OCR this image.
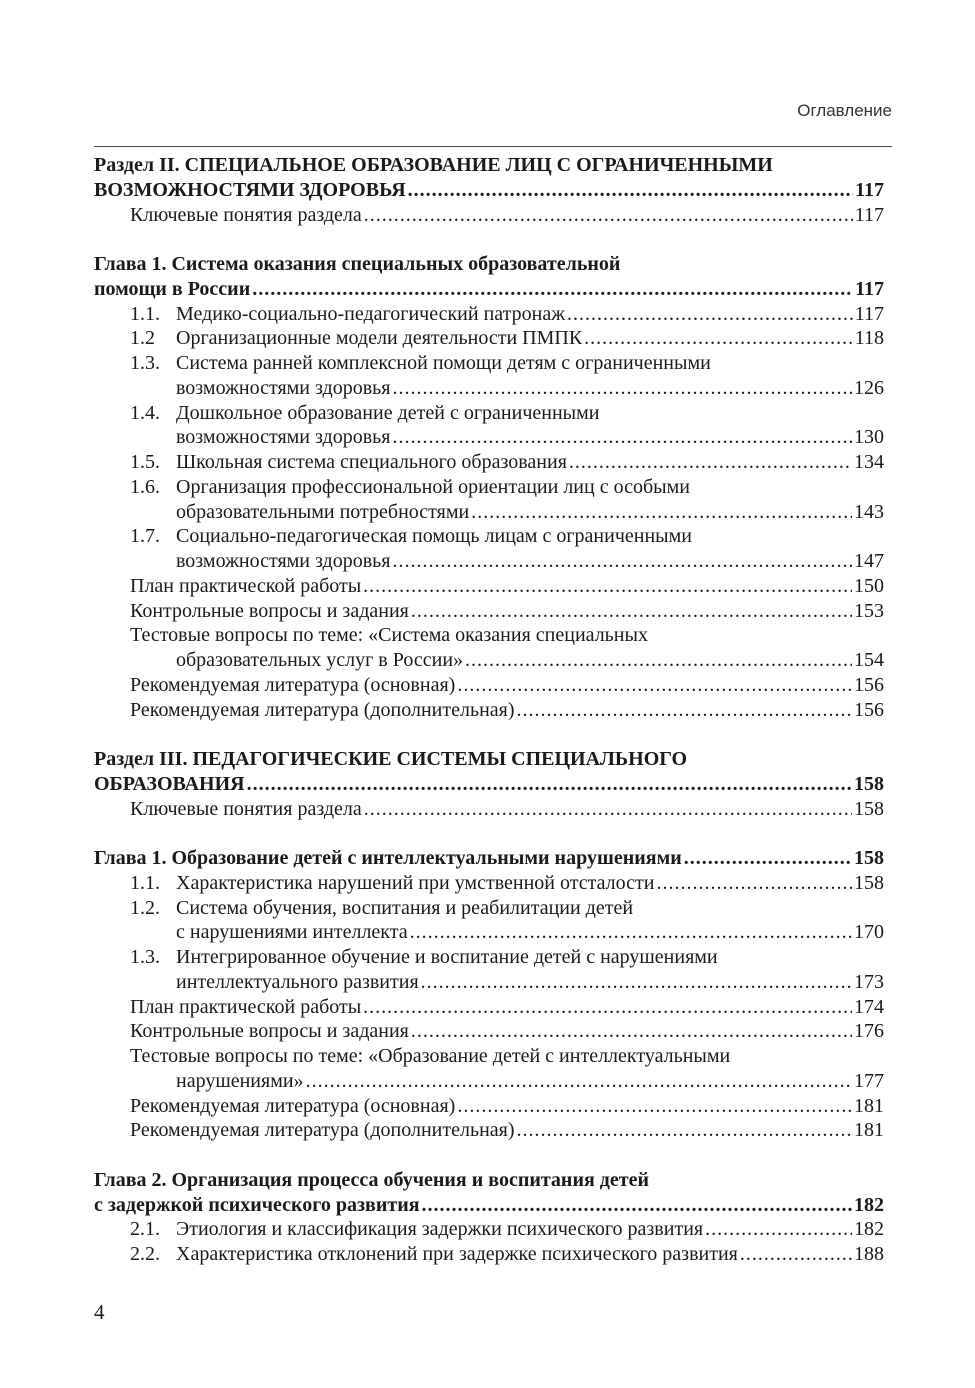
Оглавление
Раздел II. СПЕЦИАЛЬНОЕ ОБРАЗОВАНИЕ ЛИЦ С ОГРАНИЧЕННЫМИ
ВОЗМОЖНОСТЯМИ ЗДОРОВЬЯ .....	117
Ключевые понятия раздела .....	117
Глава 1. Система оказания специальных образовательной
помощи в России .....	117
1.1. Медико-социально-педагогический патронаж .....	117
1.2 Организационные модели деятельности ПМПК .....	118
1.3. Система ранней комплексной помощи детям с ограниченными
возможностями здоровья .....	126
1.4. Дошкольное образование детей с ограниченными
возможностями здоровья .....	130
1.5. Школьная система специального образования .....	134
1.6. Организация профессиональной ориентации лиц с особыми
образовательными потребностями .....	143
1.7. Социально-педагогическая помощь лицам с ограниченными
возможностями здоровья .....	147
План практической работы .....	150
Контрольные вопросы и задания .....	153
Тестовые вопросы по теме: «Система оказания специальных
образовательных услуг в России» .....	154
Рекомендуемая литература (основная) .....	156
Рекомендуемая литература (дополнительная) .....	156
Раздел III. ПЕДАГОГИЧЕСКИЕ СИСТЕМЫ СПЕЦИАЛЬНОГО
ОБРАЗОВАНИЯ .....	158
Ключевые понятия раздела .....	158
Глава 1. Образование детей с интеллектуальными нарушениями .....	158
1.1. Характеристика нарушений при умственной отсталости .....	158
1.2. Система обучения, воспитания и реабилитации детей
с нарушениями интеллекта .....	170
1.3. Интегрированное обучение и воспитание детей с нарушениями
интеллектуального развития .....	173
План практической работы .....	174
Контрольные вопросы и задания .....	176
Тестовые вопросы по теме: «Образование детей с интеллектуальными
нарушениями» .....	177
Рекомендуемая литература (основная) .....	181
Рекомендуемая литература (дополнительная) .....	181
Глава 2. Организация процесса обучения и воспитания детей
с задержкой психического развития .....	182
2.1. Этиология и классификация задержки психического развития .....	182
2.2. Характеристика отклонений при задержке психического развития .....	188
4
